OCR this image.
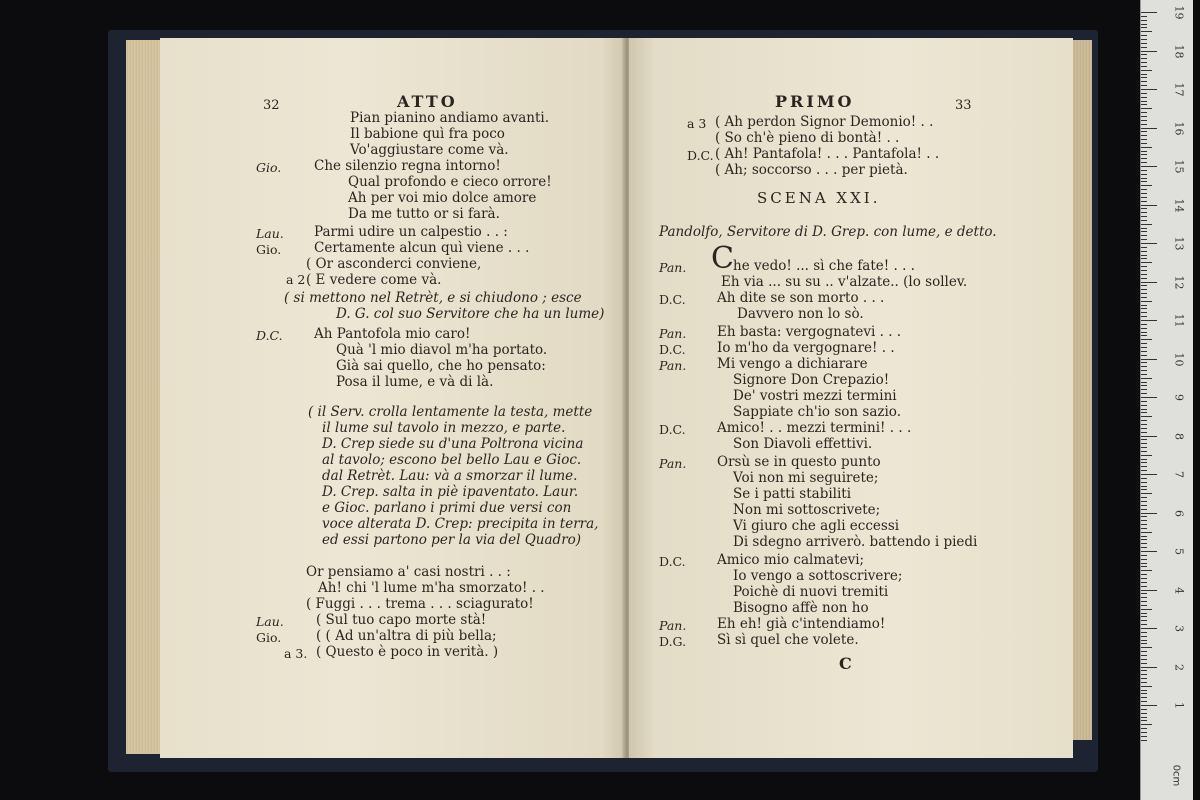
32	ATTO
Pian pianino andiamo avanti.
Il babione quì fra poco
Vo'aggiustare come và.
Gio. Che silenzio regna intorno!
Qual profondo e cieco orrore!
Ah per voi mio dolce amore
Da me tutto or si farà.
Lau. Parmi udire un calpestio . . :
Gio. Certamente alcun quì viene . . .
( Or asconderci conviene,
a 2 ( E vedere come và.
( si mettono nel Retrèt, e si chiudono ; esce
D. G. col suo Servitore che ha un lume)
D.C. Ah Pantofola mio caro!
Quà 'l mio diavol m'ha portato.
Già sai quello, che ho pensato:
Posa il lume, e và di là.
( il Serv. crolla lentamente la testa, mette
il lume sul tavolo in mezzo, e parte.
D. Crep siede su d'una Poltrona vicina
al tavolo; escono bel bello Lau e Gioc.
dal Retrèt. Lau: và a smorzar il lume.
D. Crep. salta in piè ipaventato. Laur.
e Gioc. parlano i primi due versi con
voce alterata D. Crep: precipita in terra,
ed essi partono per la via del Quadro)
Or pensiamo a' casi nostri . . :
Ah! chi 'l lume m'ha smorzato! . .
( Fuggi . . . trema . . . sciagurato!
Lau. ( Sul tuo capo morte stà!
Gio.	( ( Ad un'altra di più bella;
a 3. ( Questo è poco in verità. )
PRIMO	33
a 3 ( Ah perdon Signor Demonio! . .
( So ch'è pieno di bontà! . .
D.C. ( Ah! Pantafola! . . . Pantafola! . .
( Ah; soccorso . . . per pietà.
SCENA XXI.
Pandolfo, Servitore di D. Grep. con lume, e detto.
Pan. C he vedo! ... sì che fate! . . .
Eh via ... su su .. v'alzate.. (lo sollev.
D.C. Ah dite se son morto . . .
Davvero non lo sò.
Pan. Eh basta: vergognatevi . . .
D.C. Io m'ho da vergognare! . .
Pan. Mi vengo a dichiarare
Signore Don Crepazio!
De' vostri mezzi termini
Sappiate ch'io son sazio.
D.C. Amico! . . mezzi termini! . . .
Son Diavoli effettivi.
Pan. Orsù se in questo punto
Voi non mi seguirete;
Se i patti stabiliti
Non mi sottoscrivete;
Vi giuro che agli eccessi
Di sdegno arriverò. battendo i piedi
D.C. Amico mio calmatevi;
Io vengo a sottoscrivere;
Poichè di nuovi tremiti
Bisogno affè non ho
Pan. Eh eh! già c'intendiamo!
D.G. Sì sì quel che volete.
C
0cm
19
18
17
16
15
14
13
12
11
10
9
8
7
6
5
4
3
2
1
